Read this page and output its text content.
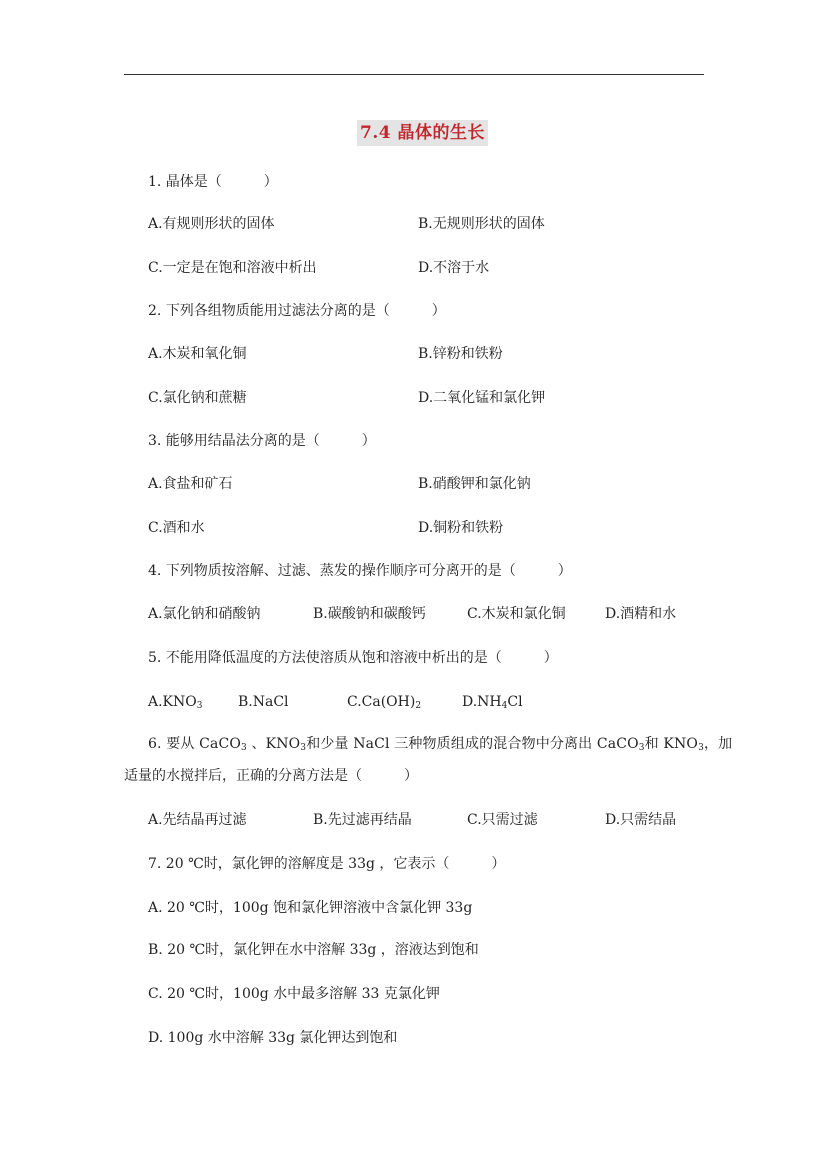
7.4 晶体的生长
1. 晶体是（　　　）
A.有规则形状的固体	B.无规则形状的固体
C.一定是在饱和溶液中析出	D.不溶于水
2. 下列各组物质能用过滤法分离的是（　　　）
A.木炭和氧化铜	B.锌粉和铁粉
C.氯化钠和蔗糖	D.二氧化锰和氯化钾
3. 能够用结晶法分离的是（　　　）
A.食盐和矿石	B.硝酸钾和氯化钠
C.酒和水	D.铜粉和铁粉
4. 下列物质按溶解、过滤、蒸发的操作顺序可分离开的是（　　　）
A.氯化钠和硝酸钠	B.碳酸钠和碳酸钙	C.木炭和氯化铜	D.酒精和水
5. 不能用降低温度的方法使溶质从饱和溶液中析出的是（　　　）
$A.KNO_3$	B.NaCl	$C.Ca(OH)_2$	$D.NH_4Cl$
6. 要从 CaCO$_3$ 、$KNO_3$和少量 NaCl 三种物质组成的混合物中分离出 CaCO$_3$和 $KNO_3$，加
适量的水搅拌后，正确的分离方法是（　　　）
A.先结晶再过滤	B.先过滤再结晶	C.只需过滤	D.只需结晶
7. 20 ℃时，氯化钾的溶解度是 33g ，它表示（　　　）
A. 20 ℃时，100g 饱和氯化钾溶液中含氯化钾 33g
B. 20 ℃时，氯化钾在水中溶解 33g ，溶液达到饱和
C. 20 ℃时，100g 水中最多溶解 33 克氯化钾
D. 100g 水中溶解 33g 氯化钾达到饱和
